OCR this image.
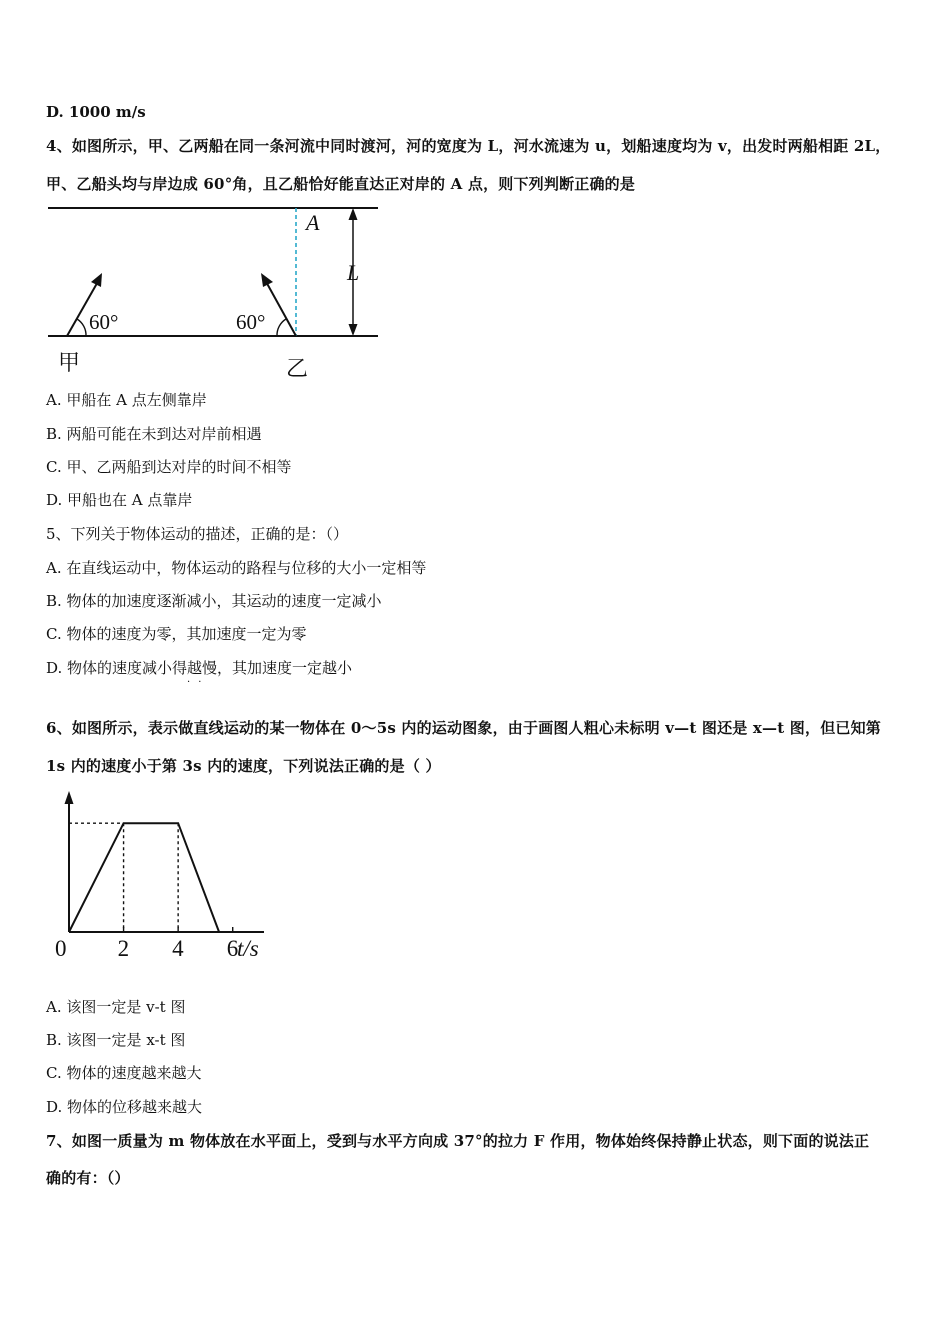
D. 1000 m/s
4、如图所示，甲、乙两船在同一条河流中同时渡河，河的宽度为 L，河水流速为 u，划船速度均为 v，出发时两船相距 2L，
甲、乙船头均与岸边成 60°角，且乙船恰好能直达正对岸的 A 点，则下列判断正确的是
L
A
60°	60°
甲	乙
A. 甲船在 A 点左侧靠岸
B. 两船可能在未到达对岸前相遇
C. 甲、乙两船到达对岸的时间不相等
D. 甲船也在 A 点靠岸
5、下列关于物体运动的描述，正确的是：（）
A. 在直线运动中，物体运动的路程与位移的大小一定相等
B. 物体的加速度逐渐减小，其运动的速度一定减小
C. 物体的速度为零，其加速度一定为零
D. 物体的速度减小得越慢
··
，其加速度一定越小
6、如图所示，表示做直线运动的某一物体在 0～5s 内的运动图象，由于画图人粗心未标明 v—t 图还是 x—t 图，但已知第
1s 内的速度小于第 3s 内的速度，下列说法正确的是（ ）
0 2 4 6
t/s
A. 该图一定是 v-t 图
B. 该图一定是 x-t 图
C. 物体的速度越来越大
D. 物体的位移越来越大
7、如图一质量为 m 物体放在水平面上，受到与水平方向成 37°的拉力 F 作用，物体始终保持静止状态，则下面的说法正
确的有：（）
